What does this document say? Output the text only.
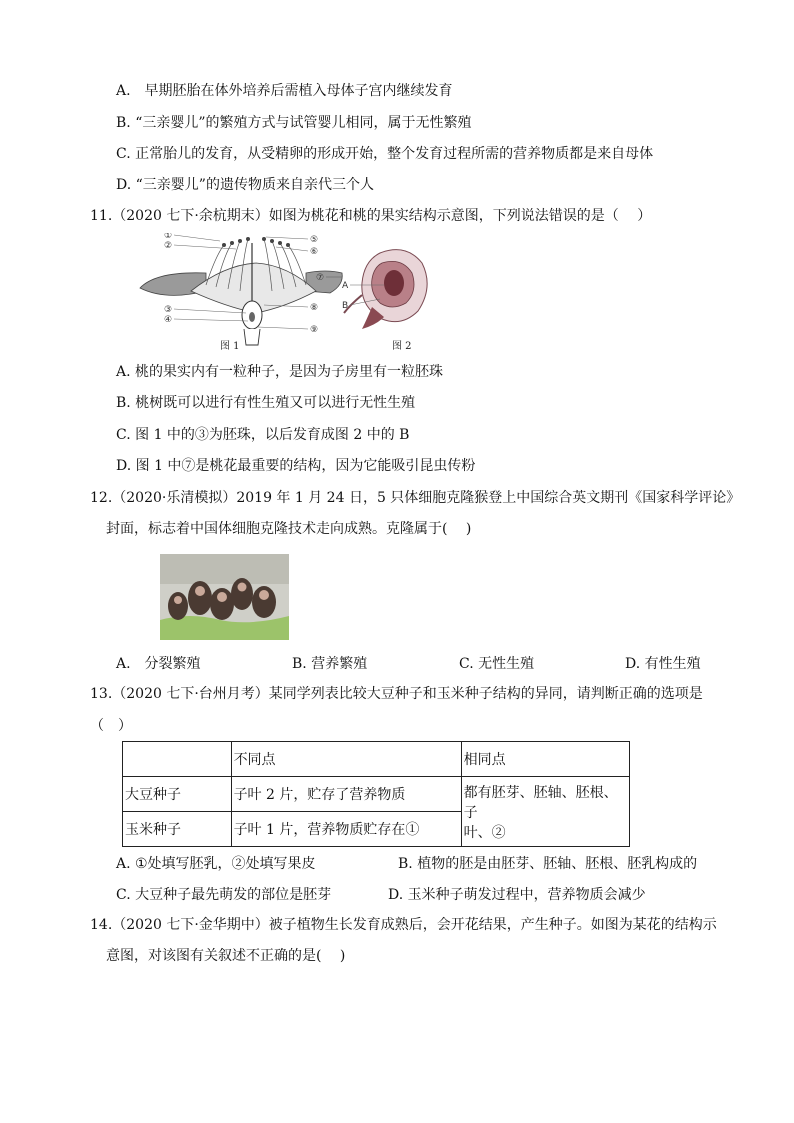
A.　早期胚胎在体外培养后需植入母体子宫内继续发育
B. “三亲婴儿”的繁殖方式与试管婴儿相同，属于无性繁殖
C. 正常胎儿的发育，从受精卵的形成开始，整个发育过程所需的营养物质都是来自母体
D. “三亲婴儿”的遗传物质来自亲代三个人
11.（2020 七下·余杭期末）如图为桃花和桃的果实结构示意图，下列说法错误的是（　 ）
①
②
③
④
⑤
⑥
⑦
⑧
⑨
图 1
A
B
图 2
A. 桃的果实内有一粒种子，是因为子房里有一粒胚珠
B. 桃树既可以进行有性生殖又可以进行无性生殖
C. 图 1 中的③为胚珠，以后发育成图 2 中的 B
D. 图 1 中⑦是桃花最重要的结构，因为它能吸引昆虫传粉
12.（2020·乐清模拟）2019 年 1 月 24 日，5 只体细胞克隆猴登上中国综合英文期刊《国家科学评论》
封面，标志着中国体细胞克隆技术走向成熟。克隆属于(　 )
A.　分裂繁殖	B. 营养繁殖	C. 无性生殖	D. 有性生殖
13.（2020 七下·台州月考）某同学列表比较大豆种子和玉米种子结构的异同，请判断正确的选项是
（　）
	不同点	相同点
大豆种子	子叶 2 片，贮存了营养物质	都有胚芽、胚轴、胚根、子
叶、②

玉米种子	子叶 1 片，营养物质贮存在①	
A. ①处填写胚乳，②处填写果皮	B. 植物的胚是由胚芽、胚轴、胚根、胚乳构成的
C. 大豆种子最先萌发的部位是胚芽	D. 玉米种子萌发过程中，营养物质会减少
14.（2020 七下·金华期中）被子植物生长发育成熟后，会开花结果，产生种子。如图为某花的结构示
意图，对该图有关叙述不正确的是(　 )
